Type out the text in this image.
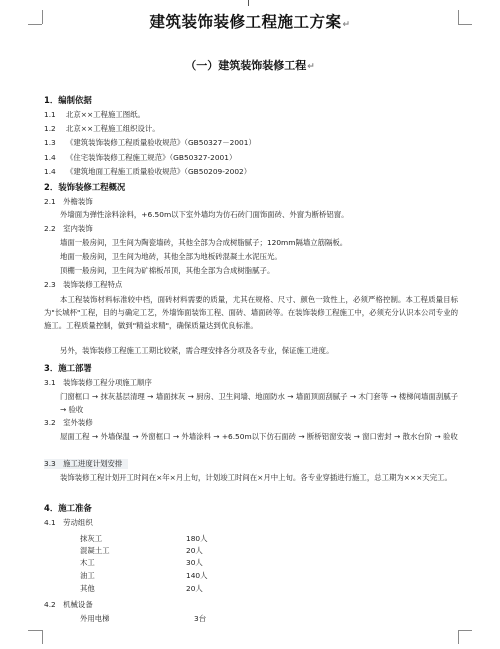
建筑装饰装修工程施工方案↵
（一）建筑装饰装修工程↵
1．编制依据
1.1 北京××工程施工图纸。
1.2 北京××工程施工组织设计。
1.3 《建筑装饰装修工程质量验收规范》（GB50327－2001）
1.4 《住宅装饰装修工程施工规范》（GB50327-2001）
1.4 《建筑地面工程施工质量验收规范》（GB50209-2002）
2．装饰装修工程概况
2.1　外檐装饰
外墙面为弹性涂料涂料，+6.50m以下室外墙均为仿石砖门面饰面砖、外窗为断桥铝窗。
2.2　室内装饰
墙面一般房间，卫生间为陶瓷墙砖，其他全部为合成树脂腻子；120mm隔墙立筋隔板。
地面一般房间，卫生间为地砖，其他全部为地板砖混凝土水泥压光。
顶棚一般房间，卫生间为矿棉板吊顶，其他全部为合成树脂腻子。
2.3　装饰装修工程特点
本工程装饰材料标准较中档，面砖材料需要的质量，尤其在规格、尺寸、颜色一致性上，必须严格控制。本工程质量目标为"长城杯"工程，目的与确定工艺，外墙饰面装饰工程、面砖、墙面砖等。在装饰装修工程施工中，必须充分认识本公司专业的施工。工程质量控制，做到"精益求精"，确保质量达到优良标准。
另外，装饰装修工程施工工期比较紧，需合理安排各分项及各专业，保证施工进度。
3．施工部署
3.1　装饰装修工程分项施工顺序
门窗框口 → 抹灰基层清理 → 墙面抹灰 → 厨房、卫生间墙、地面防水 → 墙面顶面刮腻子 → 木门套等 → 楼梯间墙面刮腻子 → 验收
3.2　室外装修
屋面工程 → 外墙保温 → 外窗框口 → 外墙涂料 → +6.50m以下仿石面砖 → 断桥铝窗安装 → 窗口密封 → 散水台阶 → 验收
3.3　施工进度计划安排
装饰装修工程计划开工时间在×年×月上旬，计划竣工时间在×月中上旬。各专业穿插进行施工，总工期为×××天完工。
4．施工准备
4.1　劳动组织
抹灰工	180人
混凝土工	20人
木工	30人
油工	140人
其他	20人
4.2　机械设备
外用电梯	3台
